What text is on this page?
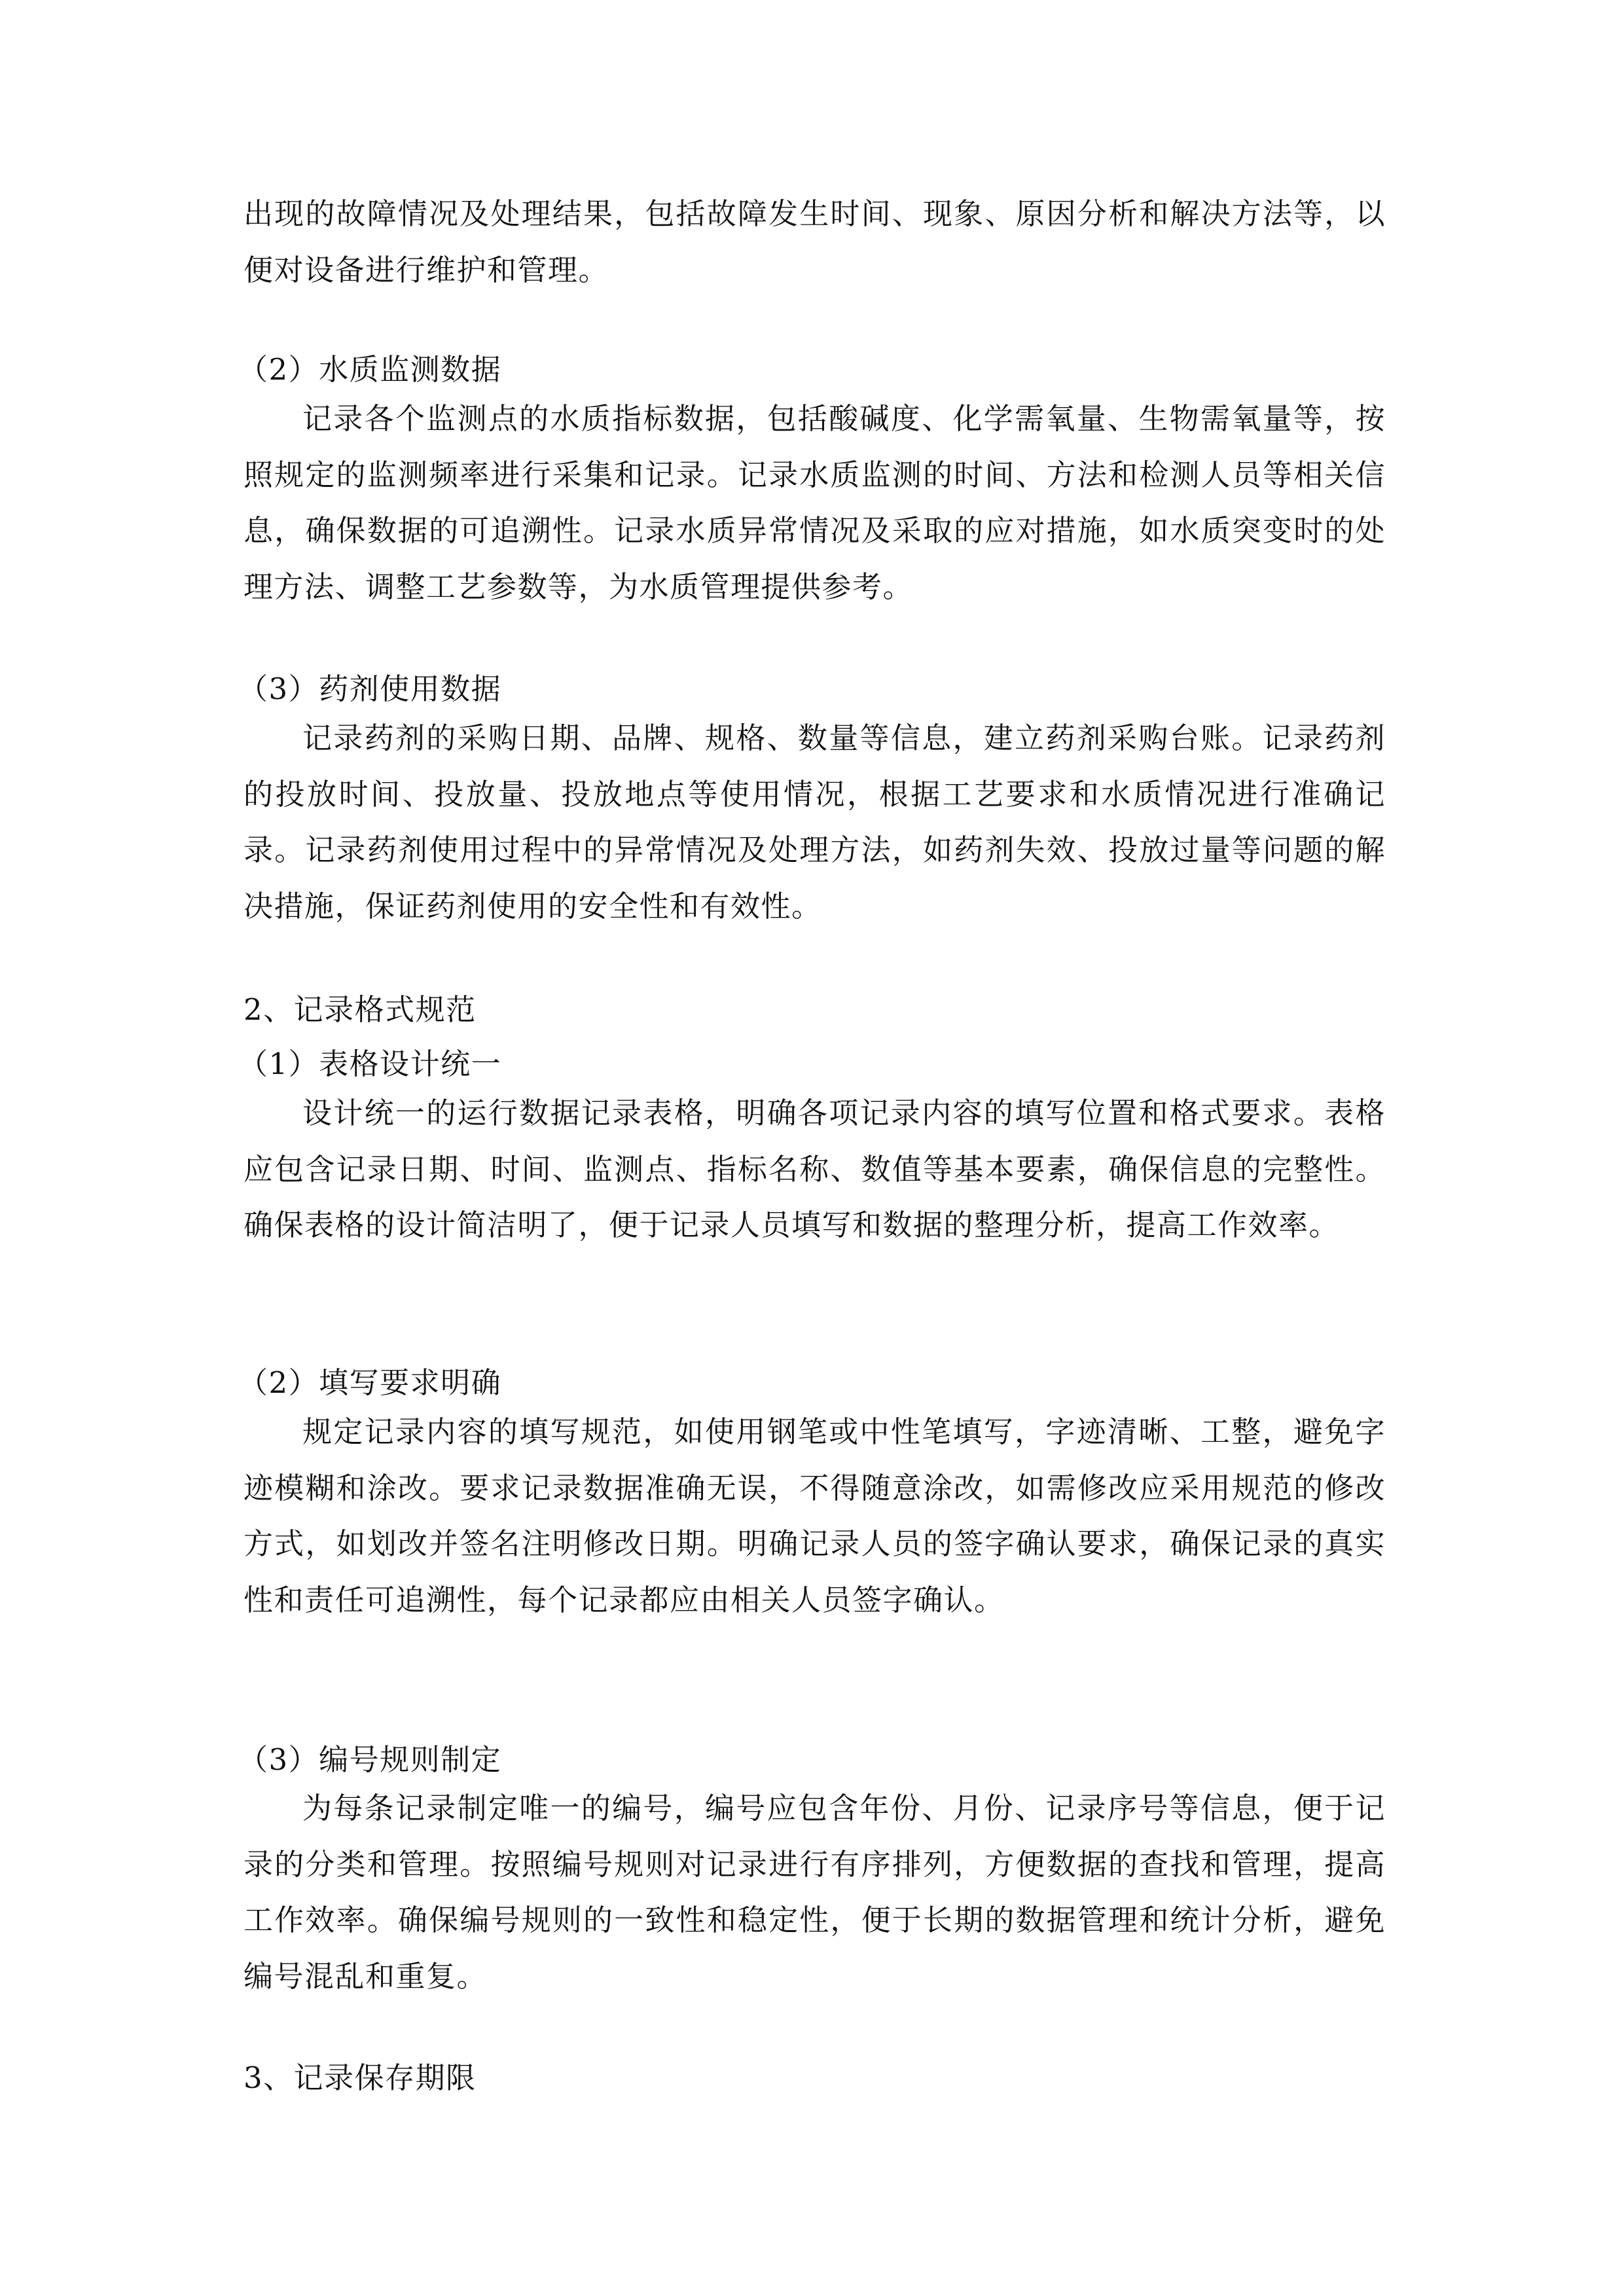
出现的故障情况及处理结果，包括故障发生时间、现象、原因分析和解决方法等，以便对设备进行维护和管理。

（2）水质监测数据

记录各个监测点的水质指标数据，包括酸碱度、化学需氧量、生物需氧量等，按照规定的监测频率进行采集和记录。记录水质监测的时间、方法和检测人员等相关信息，确保数据的可追溯性。记录水质异常情况及采取的应对措施，如水质突变时的处理方法、调整工艺参数等，为水质管理提供参考。

（3）药剂使用数据

记录药剂的采购日期、品牌、规格、数量等信息，建立药剂采购台账。记录药剂的投放时间、投放量、投放地点等使用情况，根据工艺要求和水质情况进行准确记录。记录药剂使用过程中的异常情况及处理方法，如药剂失效、投放过量等问题的解决措施，保证药剂使用的安全性和有效性。

2、记录格式规范

（1）表格设计统一

设计统一的运行数据记录表格，明确各项记录内容的填写位置和格式要求。表格应包含记录日期、时间、监测点、指标名称、数值等基本要素，确保信息的完整性。确保表格的设计简洁明了，便于记录人员填写和数据的整理分析，提高工作效率。

（2）填写要求明确

规定记录内容的填写规范，如使用钢笔或中性笔填写，字迹清晰、工整，避免字迹模糊和涂改。要求记录数据准确无误，不得随意涂改，如需修改应采用规范的修改方式，如划改并签名注明修改日期。明确记录人员的签字确认要求，确保记录的真实性和责任可追溯性，每个记录都应由相关人员签字确认。

（3）编号规则制定

为每条记录制定唯一的编号，编号应包含年份、月份、记录序号等信息，便于记录的分类和管理。按照编号规则对记录进行有序排列，方便数据的查找和管理，提高工作效率。确保编号规则的一致性和稳定性，便于长期的数据管理和统计分析，避免编号混乱和重复。

3、记录保存期限
